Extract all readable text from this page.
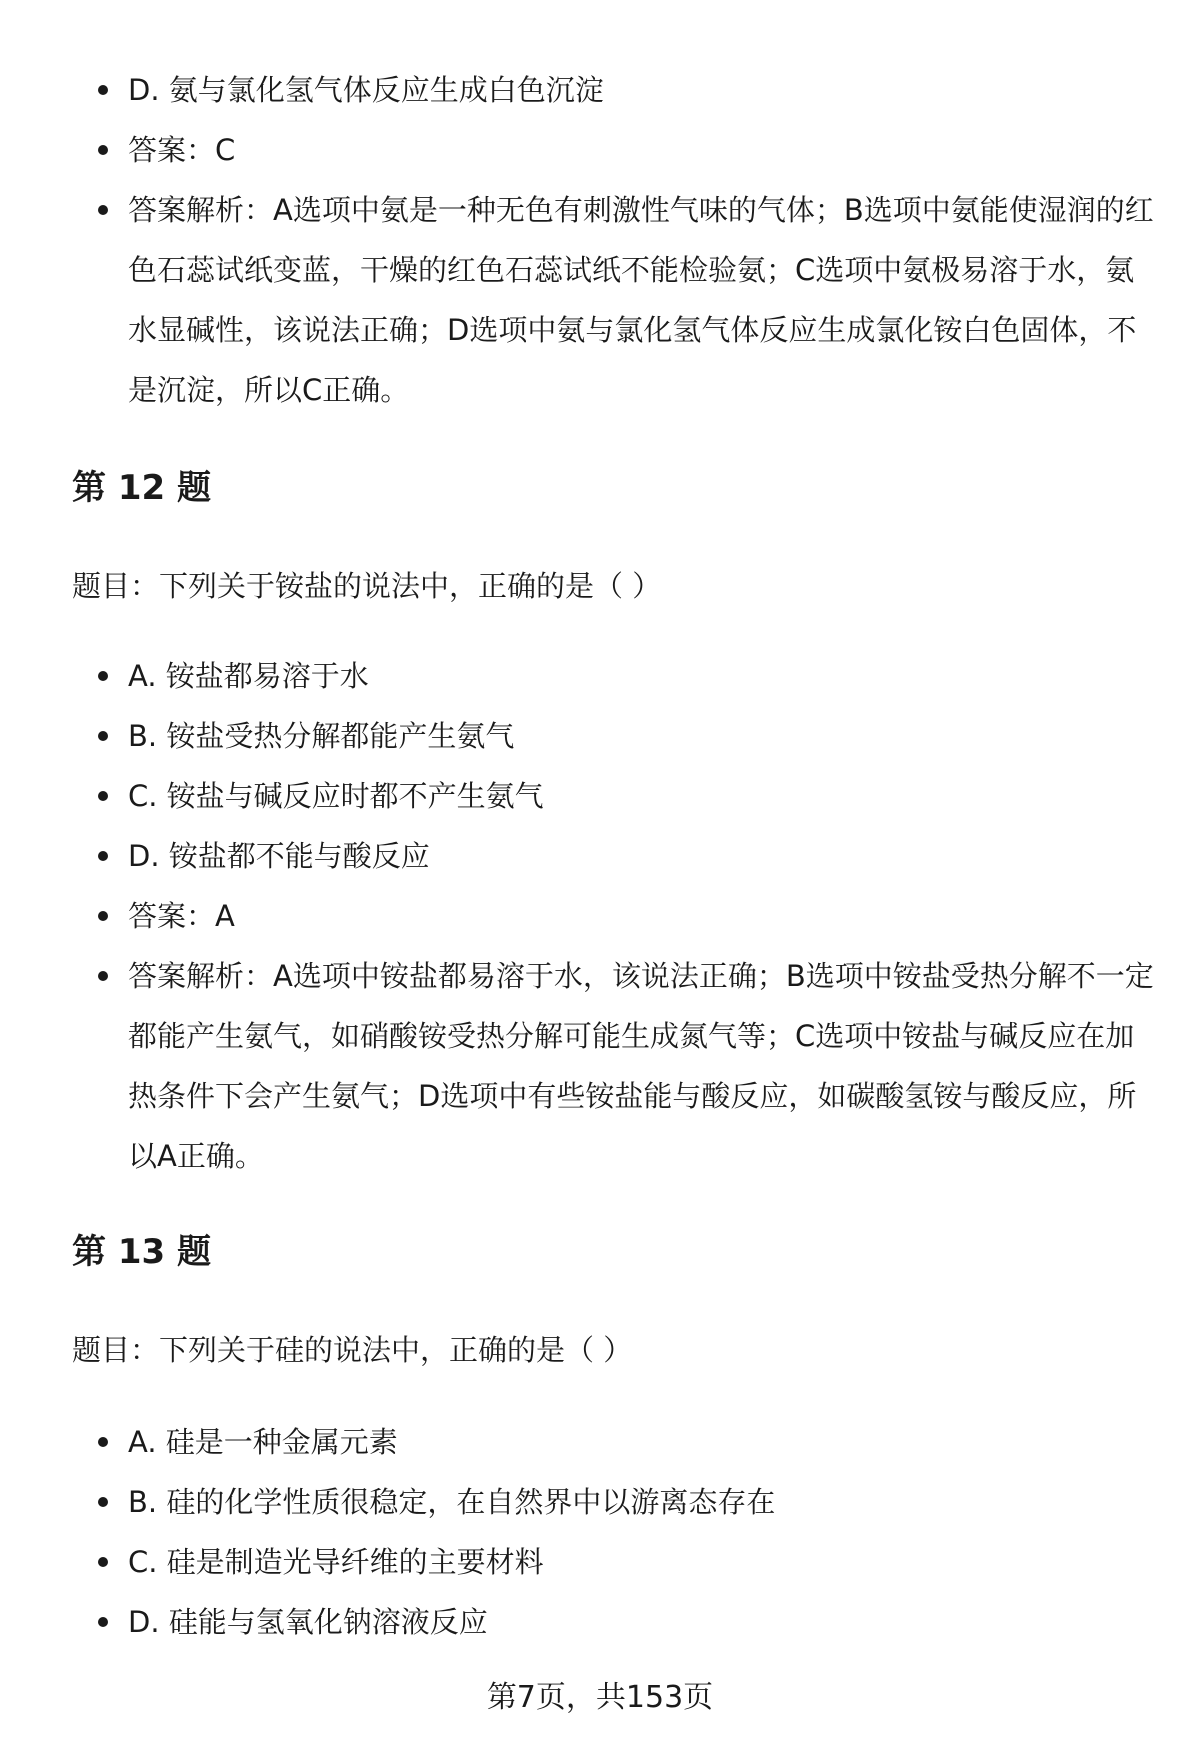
D. 氨与氯化氢气体反应生成白色沉淀
答案：C
答案解析：A选项中氨是一种无色有刺激性气味的气体；B选项中氨能使湿润的红色石蕊试纸变蓝，干燥的红色石蕊试纸不能检验氨；C选项中氨极易溶于水，氨水显碱性，该说法正确；D选项中氨与氯化氢气体反应生成氯化铵白色固体，不是沉淀，所以C正确。
第 12 题

题目：下列关于铵盐的说法中，正确的是（ ）

A. 铵盐都易溶于水
B. 铵盐受热分解都能产生氨气
C. 铵盐与碱反应时都不产生氨气
D. 铵盐都不能与酸反应
答案：A
答案解析：A选项中铵盐都易溶于水，该说法正确；B选项中铵盐受热分解不一定都能产生氨气，如硝酸铵受热分解可能生成氮气等；C选项中铵盐与碱反应在加热条件下会产生氨气；D选项中有些铵盐能与酸反应，如碳酸氢铵与酸反应，所以A正确。
第 13 题

题目：下列关于硅的说法中，正确的是（ ）

A. 硅是一种金属元素
B. 硅的化学性质很稳定，在自然界中以游离态存在
C. 硅是制造光导纤维的主要材料
D. 硅能与氢氧化钠溶液反应
第7页，共153页
